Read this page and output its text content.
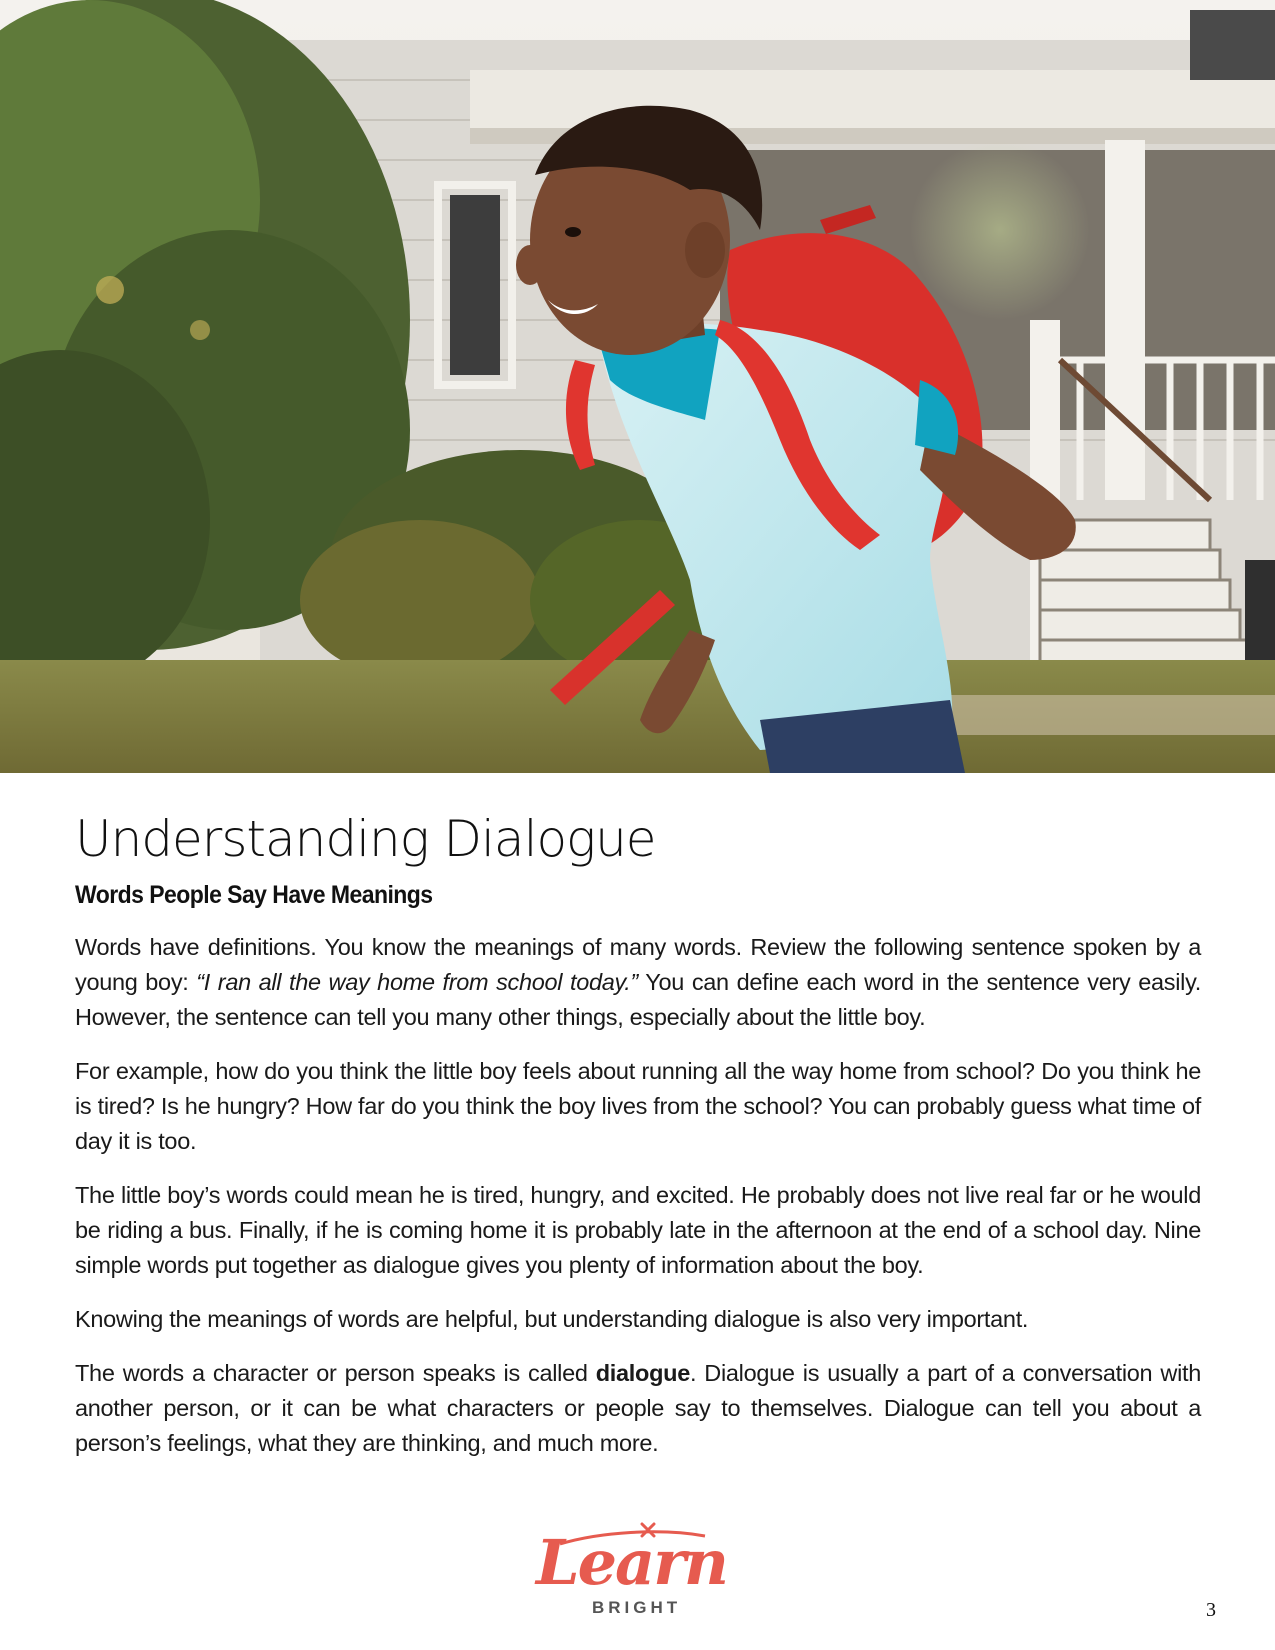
Understanding Dialogue
Words People Say Have Meanings

Words have definitions. You know the meanings of many words. Review the following sentence spoken by a young boy: “I ran all the way home from school today.” You can define each word in the sentence very easily. However, the sentence can tell you many other things, especially about the little boy.

For example, how do you think the little boy feels about running all the way home from school? Do you think he is tired? Is he hungry? How far do you think the boy lives from the school? You can probably guess what time of day it is too.

The little boy’s words could mean he is tired, hungry, and excited. He probably does not live real far or he would be riding a bus. Finally, if he is coming home it is probably late in the afternoon at the end of a school day. Nine simple words put together as dialogue gives you plenty of information about the boy.

Knowing the meanings of words are helpful, but understanding dialogue is also very important.

The words a character or person speaks is called dialogue. Dialogue is usually a part of a conversation with another person, or it can be what characters or people say to themselves. Dialogue can tell you about a person’s feelings, what they are thinking, and much more.

Learn
BRIGHT	3
